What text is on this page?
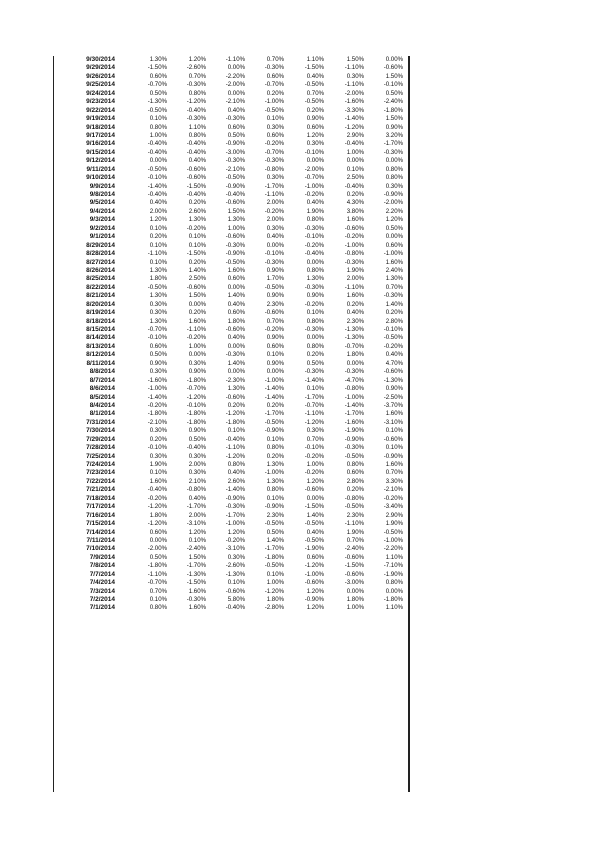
9/30/2014	1.30%	1.20%	-1.10%	0.70%	1.10%	1.50%	0.00%
9/29/2014	-1.50%	-2.60%	0.00%	-0.30%	-1.50%	-1.10%	-0.60%
9/26/2014	0.60%	0.70%	-2.20%	0.60%	0.40%	0.30%	1.50%
9/25/2014	-0.70%	-0.30%	-2.00%	-0.70%	-0.50%	-1.10%	-0.10%
9/24/2014	0.50%	0.80%	0.00%	0.20%	0.70%	-2.00%	0.50%
9/23/2014	-1.30%	-1.20%	-2.10%	-1.00%	-0.50%	-1.60%	-2.40%
9/22/2014	-0.50%	-0.40%	0.40%	-0.50%	0.20%	-3.30%	-1.80%
9/19/2014	0.10%	-0.30%	-0.30%	0.10%	0.90%	-1.40%	1.50%
9/18/2014	0.80%	1.10%	0.60%	0.30%	0.60%	-1.20%	0.90%
9/17/2014	1.00%	0.80%	0.50%	0.60%	1.20%	2.90%	3.20%
9/16/2014	-0.40%	-0.40%	-0.90%	-0.20%	0.30%	-0.40%	-1.70%
9/15/2014	-0.40%	-0.40%	-3.00%	-0.70%	-0.10%	1.00%	-0.30%
9/12/2014	0.00%	0.40%	-0.30%	-0.30%	0.00%	0.00%	0.00%
9/11/2014	-0.50%	-0.60%	-2.10%	-0.80%	-2.00%	0.10%	0.80%
9/10/2014	-0.10%	-0.60%	-0.50%	0.30%	-0.70%	2.50%	0.80%
9/9/2014	-1.40%	-1.50%	-0.90%	-1.70%	-1.00%	-0.40%	0.30%
9/8/2014	-0.40%	-0.40%	-0.40%	-1.10%	-0.20%	0.20%	-0.90%
9/5/2014	0.40%	0.20%	-0.60%	2.00%	0.40%	4.30%	-2.00%
9/4/2014	2.00%	2.60%	1.50%	-0.20%	1.90%	3.80%	2.20%
9/3/2014	1.20%	1.30%	1.30%	2.00%	0.80%	1.60%	1.20%
9/2/2014	0.10%	-0.20%	1.00%	0.30%	-0.30%	-0.60%	0.50%
9/1/2014	0.20%	0.10%	-0.60%	0.40%	-0.10%	-0.20%	0.00%
8/29/2014	0.10%	0.10%	-0.30%	0.00%	-0.20%	-1.00%	0.60%
8/28/2014	-1.10%	-1.50%	-0.90%	-0.10%	-0.40%	-0.80%	-1.00%
8/27/2014	0.10%	0.20%	-0.50%	-0.30%	0.00%	-0.30%	1.60%
8/26/2014	1.30%	1.40%	1.60%	0.90%	0.80%	1.90%	2.40%
8/25/2014	1.80%	2.50%	0.60%	1.70%	1.30%	2.00%	1.30%
8/22/2014	-0.50%	-0.60%	0.00%	-0.50%	-0.30%	-1.10%	0.70%
8/21/2014	1.30%	1.50%	1.40%	0.90%	0.90%	1.60%	-0.30%
8/20/2014	0.30%	0.00%	0.40%	2.30%	-0.20%	0.20%	1.40%
8/19/2014	0.30%	0.20%	0.60%	-0.60%	0.10%	0.40%	0.20%
8/18/2014	1.30%	1.60%	1.80%	0.70%	0.80%	2.30%	2.80%
8/15/2014	-0.70%	-1.10%	-0.60%	-0.20%	-0.30%	-1.30%	-0.10%
8/14/2014	-0.10%	-0.20%	0.40%	0.90%	0.00%	-1.30%	-0.50%
8/13/2014	0.60%	1.00%	0.00%	0.60%	0.80%	-0.70%	-0.20%
8/12/2014	0.50%	0.00%	-0.30%	0.10%	0.20%	1.80%	0.40%
8/11/2014	0.90%	0.30%	1.40%	0.90%	0.50%	0.00%	4.70%
8/8/2014	0.30%	0.90%	0.00%	0.00%	-0.30%	-0.30%	-0.60%
8/7/2014	-1.60%	-1.80%	-2.30%	-1.00%	-1.40%	-4.70%	-1.30%
8/6/2014	-1.00%	-0.70%	1.30%	-1.40%	0.10%	-0.80%	0.90%
8/5/2014	-1.40%	-1.20%	-0.60%	-1.40%	-1.70%	-1.00%	-2.50%
8/4/2014	-0.20%	-0.10%	0.20%	0.20%	-0.70%	-1.40%	-3.70%
8/1/2014	-1.80%	-1.80%	-1.20%	-1.70%	-1.10%	-1.70%	1.60%
7/31/2014	-2.10%	-1.80%	-1.80%	-0.50%	-1.20%	-1.60%	-3.10%
7/30/2014	0.30%	0.90%	0.10%	-0.90%	0.30%	-1.90%	0.10%
7/29/2014	0.20%	0.50%	-0.40%	0.10%	0.70%	-0.90%	-0.60%
7/28/2014	-0.10%	-0.40%	-1.10%	0.80%	-0.10%	-0.30%	0.10%
7/25/2014	0.30%	0.30%	-1.20%	0.20%	-0.20%	-0.50%	-0.90%
7/24/2014	1.90%	2.00%	0.80%	1.30%	1.00%	0.80%	1.60%
7/23/2014	0.10%	0.30%	0.40%	-1.00%	-0.20%	0.60%	0.70%
7/22/2014	1.60%	2.10%	2.60%	1.30%	1.20%	2.80%	3.30%
7/21/2014	-0.40%	-0.80%	-1.40%	0.80%	-0.60%	0.20%	-2.10%
7/18/2014	-0.20%	0.40%	-0.90%	0.10%	0.00%	-0.80%	-0.20%
7/17/2014	-1.20%	-1.70%	-0.30%	-0.90%	-1.50%	-0.50%	-3.40%
7/16/2014	1.80%	2.00%	-1.70%	2.30%	1.40%	2.30%	2.90%
7/15/2014	-1.20%	-3.10%	-1.00%	-0.50%	-0.50%	-1.10%	1.90%
7/14/2014	0.60%	1.20%	1.20%	0.50%	0.40%	1.90%	-0.50%
7/11/2014	0.00%	0.10%	-0.20%	1.40%	-0.50%	0.70%	-1.00%
7/10/2014	-2.00%	-2.40%	-3.10%	-1.70%	-1.90%	-2.40%	-2.20%
7/9/2014	0.50%	1.50%	0.30%	-1.80%	0.60%	-0.60%	1.10%
7/8/2014	-1.80%	-1.70%	-2.60%	-0.50%	-1.20%	-1.50%	-7.10%
7/7/2014	-1.10%	-1.30%	-1.30%	0.10%	-1.00%	-0.60%	-1.90%
7/4/2014	-0.70%	-1.50%	0.10%	1.00%	-0.60%	-3.00%	0.80%
7/3/2014	0.70%	1.60%	-0.60%	-1.20%	1.20%	0.00%	0.00%
7/2/2014	0.10%	-0.30%	5.80%	1.80%	-0.90%	1.80%	-1.80%
7/1/2014	0.80%	1.60%	-0.40%	-2.80%	1.20%	1.00%	1.10%
